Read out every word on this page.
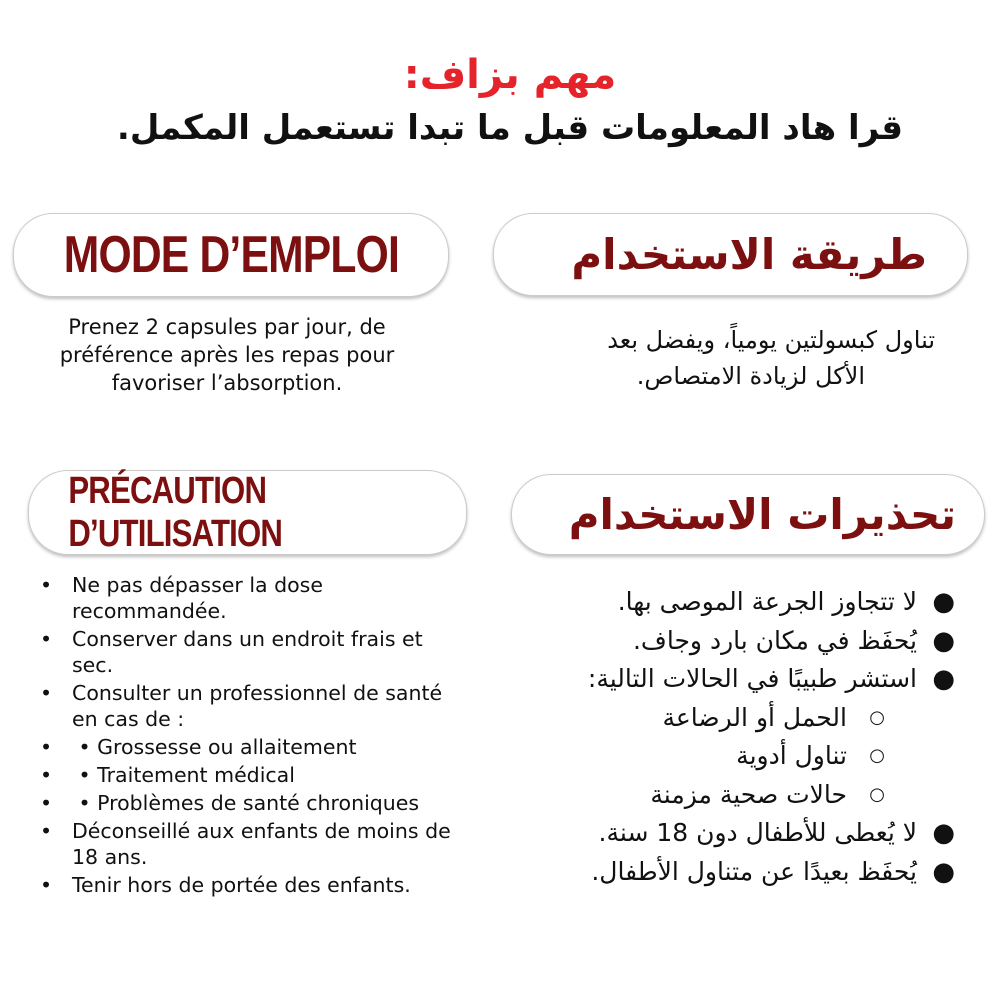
مهم بزاف:
قرا هاد المعلومات قبل ما تبدا تستعمل المكمل.
MODE D’EMPLOI	طريقة الاستخدام
PRÉCAUTION D’UTILISATION	تحذيرات الاستخدام
Prenez 2 capsules par jour, de
préférence après les repas pour
favoriser l’absorption.
تناول كبسولتين يومياً، ويفضل بعد
الأكل لزيادة الامتصاص.
• Ne pas dépasser la dose recommandée.
• Conserver dans un endroit frais et sec.
• Consulter un professionnel de santé en cas de :
• • Grossesse ou allaitement
• • Traitement médical
• • Problèmes de santé chroniques
• Déconseillé aux enfants de moins de 18 ans.
• Tenir hors de portée des enfants.
●
لا تتجاوز الجرعة الموصى بها.
●
يُحفَظ في مكان بارد وجاف.
●
استشر طبيبًا في الحالات التالية:
○
الحمل أو الرضاعة
○
تناول أدوية
○
حالات صحية مزمنة
●
لا يُعطى للأطفال دون 18 سنة.
●
يُحفَظ بعيدًا عن متناول الأطفال.
